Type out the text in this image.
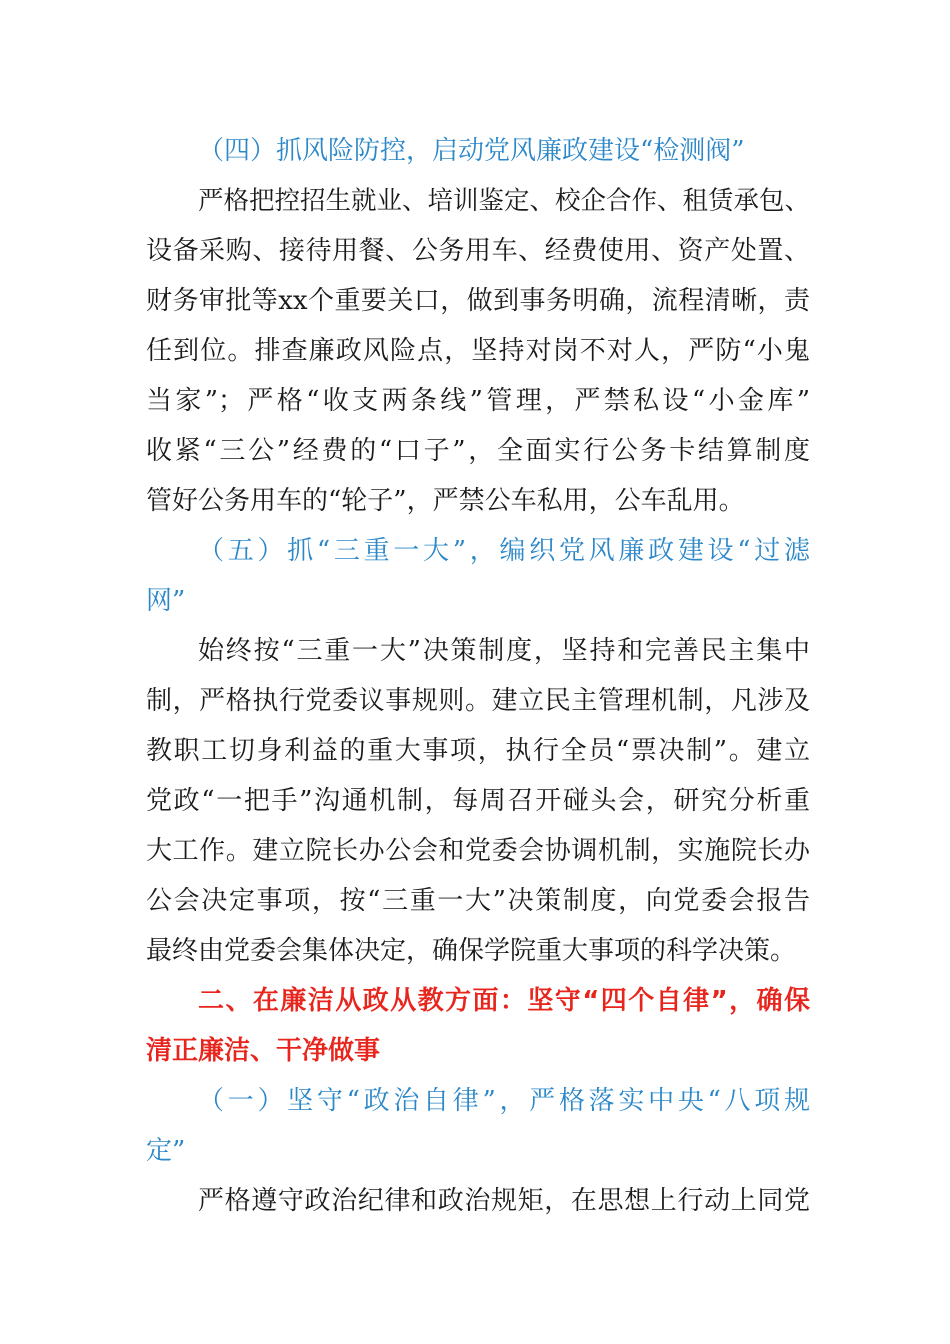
（四）抓风险防控，启动党风廉政建设“检测阀”
严格把控招生就业、培训鉴定、校企合作、租赁承包、
设备采购、接待用餐、公务用车、经费使用、资产处置、
财务审批等xx个重要关口，做到事务明确，流程清晰，责
任到位。排查廉政风险点，坚持对岗不对人，严防“小鬼
当家”；严格“收支两条线”管理，严禁私设“小金库”
收紧“三公”经费的“口子”，全面实行公务卡结算制度
管好公务用车的“轮子”，严禁公车私用，公车乱用。
（五）抓“三重一大”，编织党风廉政建设“过滤
网”
始终按“三重一大”决策制度，坚持和完善民主集中
制，严格执行党委议事规则。建立民主管理机制，凡涉及
教职工切身利益的重大事项，执行全员“票决制”。建立
党政“一把手”沟通机制，每周召开碰头会，研究分析重
大工作。建立院长办公会和党委会协调机制，实施院长办
公会决定事项，按“三重一大”决策制度，向党委会报告
最终由党委会集体决定，确保学院重大事项的科学决策。
二、在廉洁从政从教方面：坚守“四个自律”，确保
清正廉洁、干净做事
（一）坚守“政治自律”，严格落实中央“八项规
定”
严格遵守政治纪律和政治规矩，在思想上行动上同党
